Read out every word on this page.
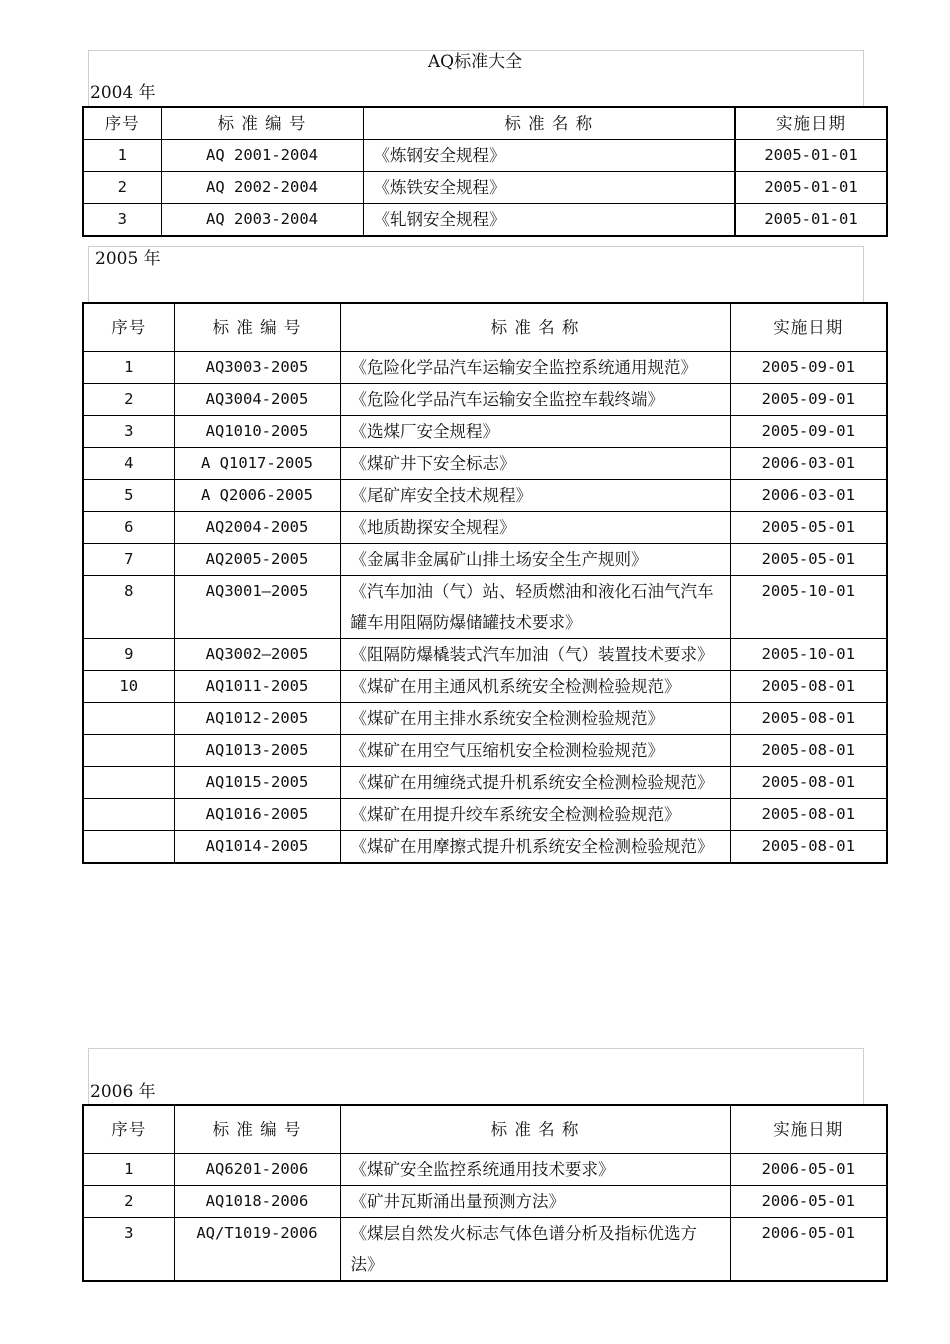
AQ标准大全
2004 年
序号	标 准 编 号	标 准 名 称	实施日期
1	AQ 2001-2004	《炼钢安全规程》	2005-01-01
2	AQ 2002-2004	《炼铁安全规程》	2005-01-01
3	AQ 2003-2004	《轧钢安全规程》	2005-01-01
2005 年
序号	标 准 编 号	标 准 名 称	实施日期
1	AQ3003-2005	《危险化学品汽车运输安全监控系统通用规范》	2005-09-01
2	AQ3004-2005	《危险化学品汽车运输安全监控车载终端》	2005-09-01
3	AQ1010-2005	《选煤厂安全规程》	2005-09-01
4	A Q1017-2005	《煤矿井下安全标志》	2006-03-01
5	A Q2006-2005	《尾矿库安全技术规程》	2006-03-01
6	AQ2004-2005	《地质勘探安全规程》	2005-05-01
7	AQ2005-2005	《金属非金属矿山排土场安全生产规则》	2005-05-01
8	AQ3001—2005	《汽车加油（气）站、轻质燃油和液化石油气汽车罐车用阻隔防爆储罐技术要求》	2005-10-01
9	AQ3002—2005	《阻隔防爆橇装式汽车加油（气）装置技术要求》	2005-10-01
10	AQ1011-2005	《煤矿在用主通风机系统安全检测检验规范》	2005-08-01
	AQ1012-2005	《煤矿在用主排水系统安全检测检验规范》	2005-08-01
	AQ1013-2005	《煤矿在用空气压缩机安全检测检验规范》	2005-08-01
	AQ1015-2005	《煤矿在用缠绕式提升机系统安全检测检验规范》	2005-08-01
	AQ1016-2005	《煤矿在用提升绞车系统安全检测检验规范》	2005-08-01
	AQ1014-2005	《煤矿在用摩擦式提升机系统安全检测检验规范》	2005-08-01
2006 年
序号	标 准 编 号	标 准 名 称	实施日期
1	AQ6201-2006	《煤矿安全监控系统通用技术要求》	2006-05-01
2	AQ1018-2006	《矿井瓦斯涌出量预测方法》	2006-05-01
3	AQ/T1019-2006	《煤层自然发火标志气体色谱分析及指标优选方法》	2006-05-01
